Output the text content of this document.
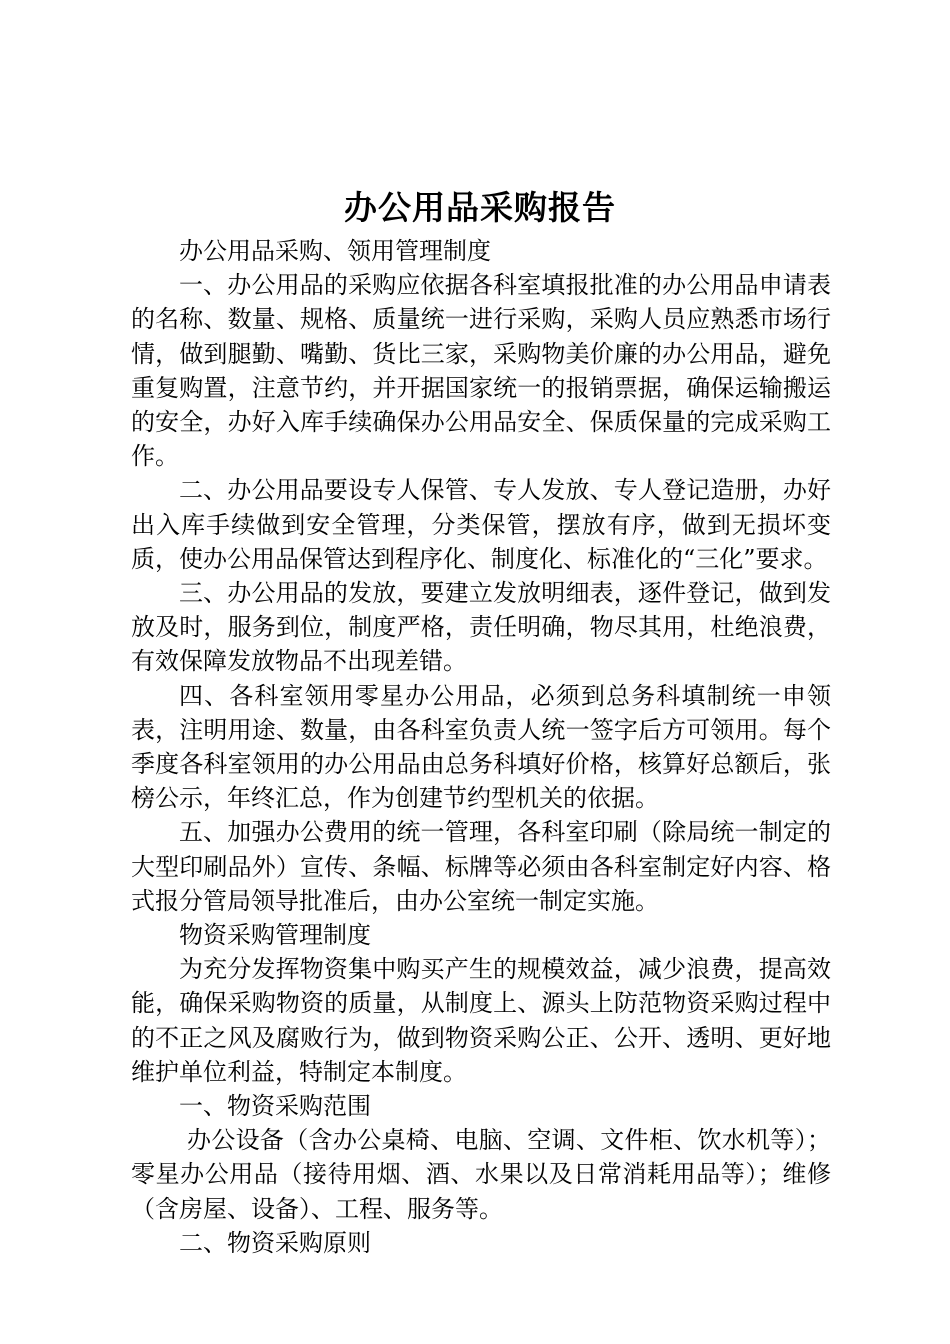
办公用品采购报告

办公用品采购、领用管理制度

一、办公用品的采购应依据各科室填报批准的办公用品申请表的名称、数量、规格、质量统一进行采购，采购人员应熟悉市场行情，做到腿勤、嘴勤、货比三家，采购物美价廉的办公用品，避免重复购置，注意节约，并开据国家统一的报销票据，确保运输搬运的安全，办好入库手续确保办公用品安全、保质保量的完成采购工作。

二、办公用品要设专人保管、专人发放、专人登记造册，办好出入库手续做到安全管理，分类保管，摆放有序，做到无损坏变质，使办公用品保管达到程序化、制度化、标准化的“三化”要求。

三、办公用品的发放，要建立发放明细表，逐件登记，做到发放及时，服务到位，制度严格，责任明确，物尽其用，杜绝浪费，有效保障发放物品不出现差错。

四、各科室领用零星办公用品，必须到总务科填制统一申领表，注明用途、数量，由各科室负责人统一签字后方可领用。每个季度各科室领用的办公用品由总务科填好价格，核算好总额后，张榜公示，年终汇总，作为创建节约型机关的依据。

五、加强办公费用的统一管理，各科室印刷（除局统一制定的大型印刷品外）宣传、条幅、标牌等必须由各科室制定好内容、格式报分管局领导批准后，由办公室统一制定实施。

物资采购管理制度

为充分发挥物资集中购买产生的规模效益，减少浪费，提高效能，确保采购物资的质量，从制度上、源头上防范物资采购过程中的不正之风及腐败行为，做到物资采购公正、公开、透明、更好地维护单位利益，特制定本制度。

一、物资采购范围

办公设备（含办公桌椅、电脑、空调、文件柜、饮水机等）；零星办公用品（接待用烟、酒、水果以及日常消耗用品等）；维修（含房屋、设备）、工程、服务等。

二、物资采购原则
